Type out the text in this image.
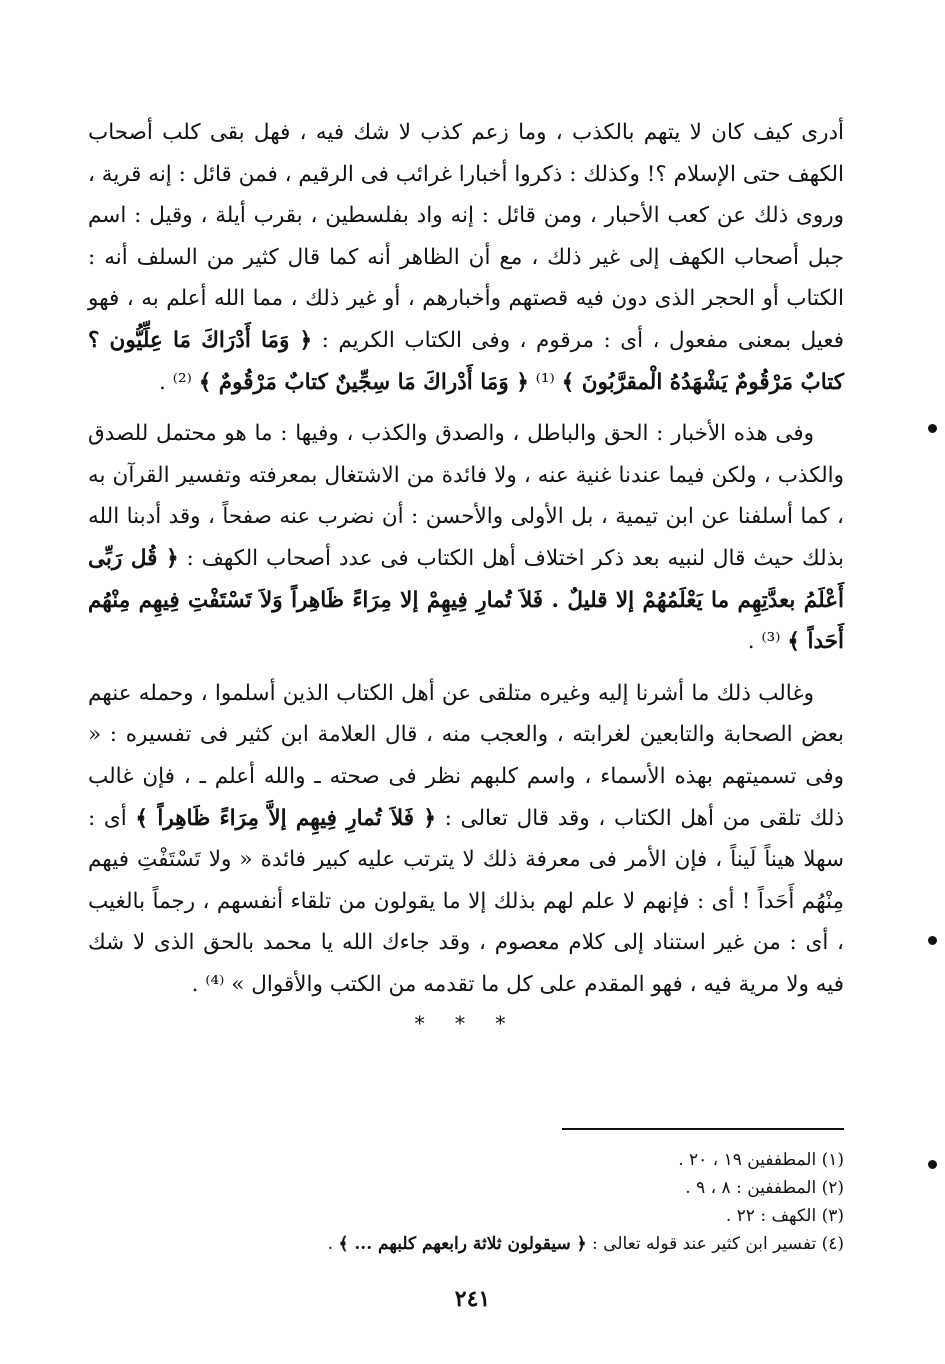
أدرى كيف كان لا يتهم بالكذب ، وما زعم كذب لا شك فيه ، فهل بقى كلب أصحاب الكهف حتى الإسلام ؟! وكذلك : ذكروا أخبارا غرائب فى الرقيم ، فمن قائل : إنه قرية ، وروى ذلك عن كعب الأحبار ، ومن قائل : إنه واد بفلسطين ، بقرب أيلة ، وقيل : اسم جبل أصحاب الكهف إلى غير ذلك ، مع أن الظاهر أنه كما قال كثير من السلف أنه : الكتاب أو الحجر الذى دون فيه قصتهم وأخبارهم ، أو غير ذلك ، مما الله أعلم به ، فهو فعيل بمعنى مفعول ، أى : مرقوم ، وفى الكتاب الكريم : ﴿ وَمَا أَدْرَاكَ مَا عِلِّيُّون ؟ كتابٌ مَرْقُومٌ يَشْهَدُهُ الْمقرَّبُونَ ﴾ ⁽¹⁾ ﴿ وَمَا أَدْراكَ مَا سِجِّينٌ كتابٌ مَرْقُومٌ ﴾ ⁽²⁾ .

وفى هذه الأخبار : الحق والباطل ، والصدق والكذب ، وفيها : ما هو محتمل للصدق والكذب ، ولكن فيما عندنا غنية عنه ، ولا فائدة من الاشتغال بمعرفته وتفسير القرآن به ، كما أسلفنا عن ابن تيمية ، بل الأولى والأحسن : أن نضرب عنه صفحاً ، وقد أدبنا الله بذلك حيث قال لنبيه بعد ذكر اختلاف أهل الكتاب فى عدد أصحاب الكهف : ﴿ قُل رَبِّى أَعْلَمُ بعدَّتِهِم ما يَعْلَمُهُمْ إلا قليلٌ . فَلاَ تُمارِ فِيهِمْ إلا مِرَاءً ظَاهِراً وَلاَ تَسْتَفْتِ فِيهِم مِنْهُم أَحَداً ﴾ ⁽³⁾ .

وغالب ذلك ما أشرنا إليه وغيره متلقى عن أهل الكتاب الذين أسلموا ، وحمله عنهم بعض الصحابة والتابعين لغرابته ، والعجب منه ، قال العلامة ابن كثير فى تفسيره : « وفى تسميتهم بهذه الأسماء ، واسم كلبهم نظر فى صحته ـ والله أعلم ـ ، فإن غالب ذلك تلقى من أهل الكتاب ، وقد قال تعالى : ﴿ فَلاَ تُمارِ فِيهِم إلاَّ مِرَاءً ظَاهِراً ﴾ أى : سهلا هيناً لَيناً ، فإن الأمر فى معرفة ذلك لا يترتب عليه كبير فائدة « ولا تَسْتَفْتِ فيهم مِنْهُم أَحَداً ! أى : فإنهم لا علم لهم بذلك إلا ما يقولون من تلقاء أنفسهم ، رجماً بالغيب ، أى : من غير استناد إلى كلام معصوم ، وقد جاءك الله يا محمد بالحق الذى لا شك فيه ولا مرية فيه ، فهو المقدم على كل ما تقدمه من الكتب والأقوال » ⁽⁴⁾ .

* * *
(١) المطففين ١٩ ، ٢٠ .
(٢) المطففين : ٨ ، ٩ .
(٣) الكهف : ٢٢ .
(٤) تفسير ابن كثير عند قوله تعالى : ﴿ سيقولون ثلاثة رابعهم كلبهم ... ﴾ .
٢٤١
